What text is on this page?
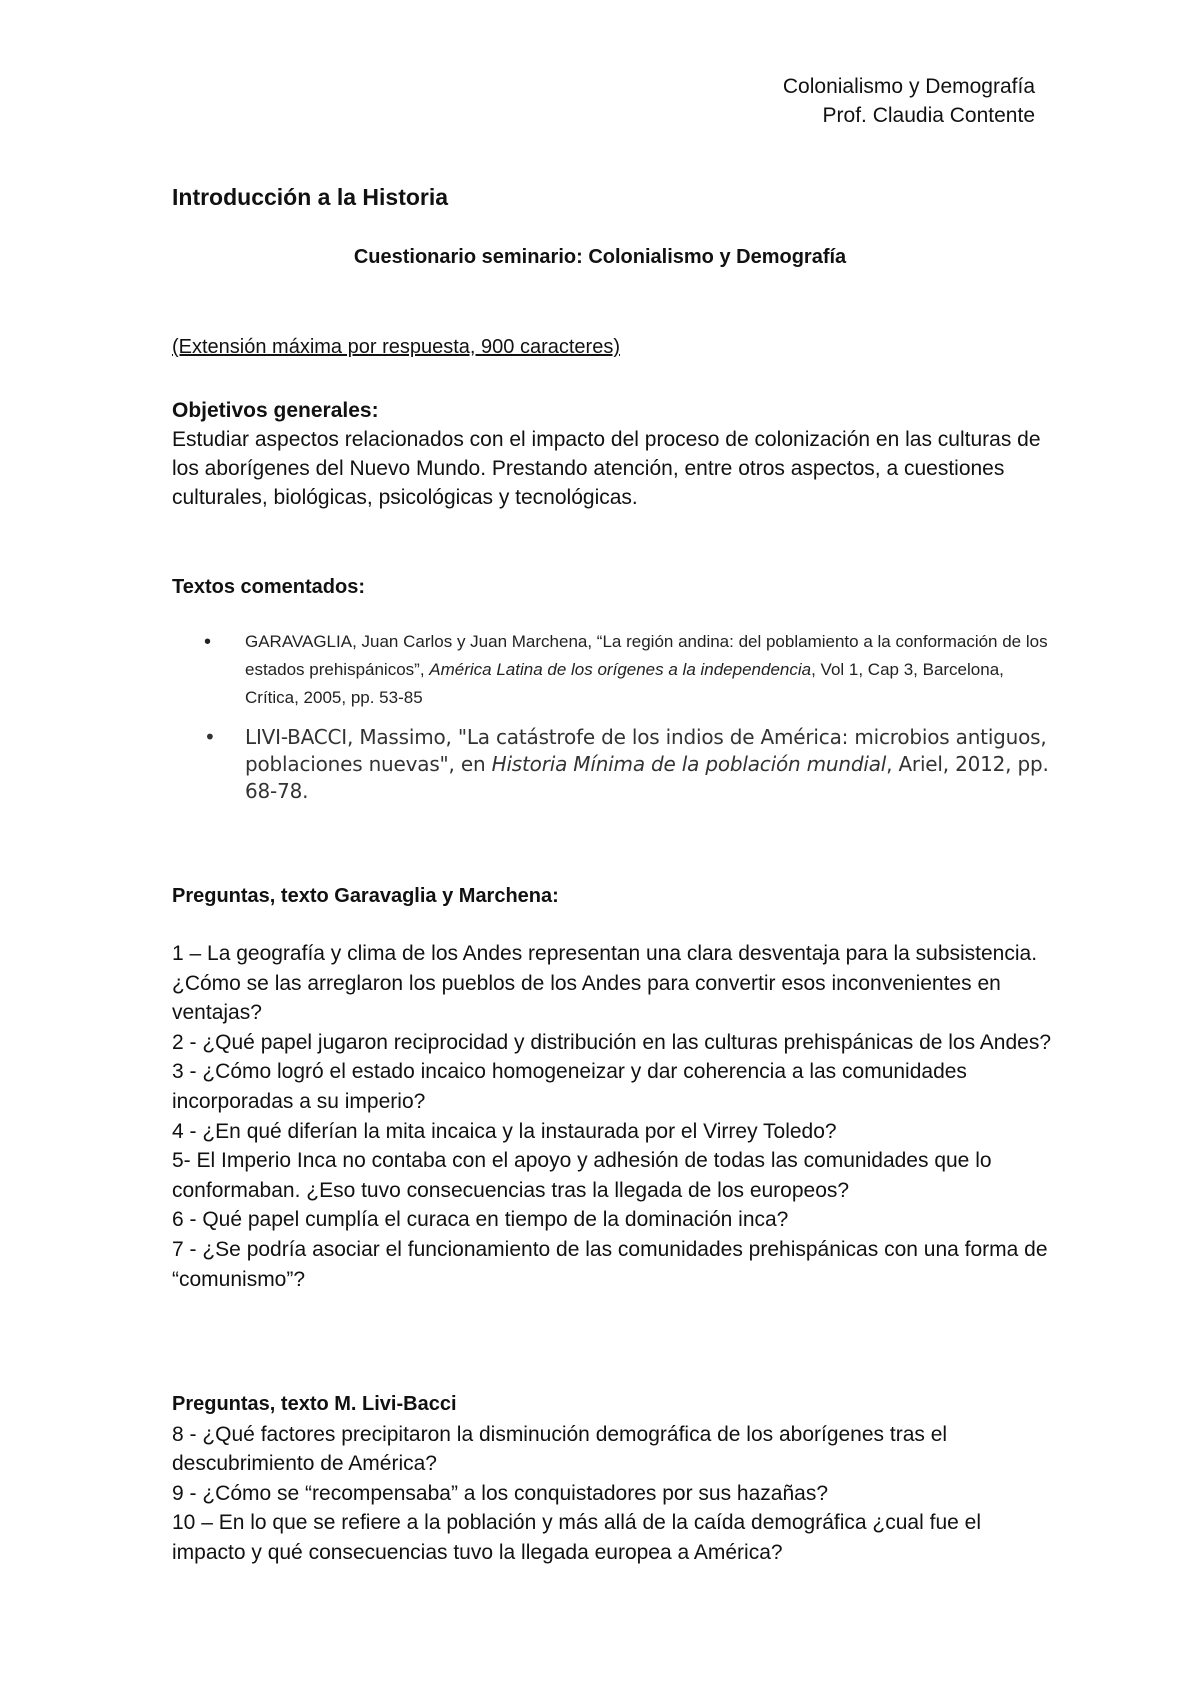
Colonialismo y Demografía
Prof. Claudia Contente
Introducción a la Historia
Cuestionario seminario: Colonialismo y Demografía
(Extensión máxima por respuesta, 900 caracteres)
Objetivos generales:
Estudiar aspectos relacionados con el impacto del proceso de colonización en las culturas de los aborígenes del Nuevo Mundo. Prestando atención, entre otros aspectos, a cuestiones culturales, biológicas, psicológicas y tecnológicas.
Textos comentados:
• GARAVAGLIA, Juan Carlos y Juan Marchena, “La región andina: del poblamiento a la conformación de los estados prehispánicos”, América Latina de los orígenes a la independencia, Vol 1, Cap 3, Barcelona, Crítica, 2005, pp. 53-85
• LIVI-BACCI, Massimo, "La catástrofe de los indios de América: microbios antiguos, poblaciones nuevas", en Historia Mínima de la población mundial, Ariel, 2012, pp. 68-78.
Preguntas, texto Garavaglia y Marchena:

1 – La geografía y clima de los Andes representan una clara desventaja para la subsistencia. ¿Cómo se las arreglaron los pueblos de los Andes para convertir esos inconvenientes en ventajas?

2 - ¿Qué papel jugaron reciprocidad y distribución en las culturas prehispánicas de los Andes?

3 - ¿Cómo logró el estado incaico homogeneizar y dar coherencia a las comunidades incorporadas a su imperio?

4 - ¿En qué diferían la mita incaica y la instaurada por el Virrey Toledo?

5- El Imperio Inca no contaba con el apoyo y adhesión de todas las comunidades que lo conformaban. ¿Eso tuvo consecuencias tras la llegada de los europeos?

6 - Qué papel cumplía el curaca en tiempo de la dominación inca?

7 - ¿Se podría asociar el funcionamiento de las comunidades prehispánicas con una forma de “comunismo”?

Preguntas, texto M. Livi-Bacci

8 - ¿Qué factores precipitaron la disminución demográfica de los aborígenes tras el descubrimiento de América?

9 - ¿Cómo se “recompensaba” a los conquistadores por sus hazañas?

10 – En lo que se refiere a la población y más allá de la caída demográfica ¿cual fue el impacto y qué consecuencias tuvo la llegada europea a América?
